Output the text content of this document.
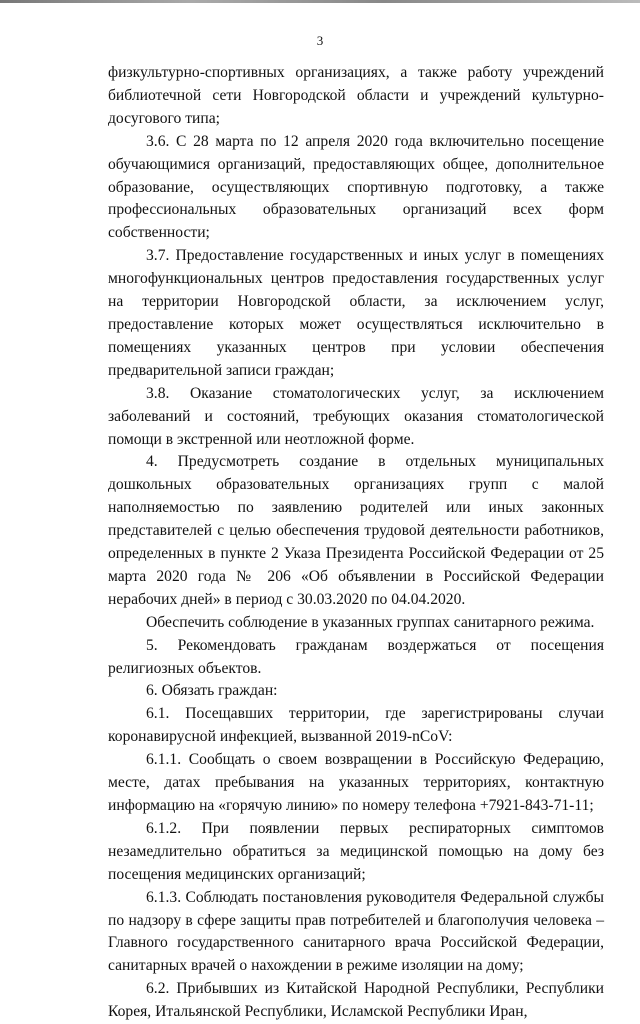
3

физкультурно-спортивных организациях, а также работу учреждений библиотечной сети Новгородской области и учреждений культурно-досугового типа;

3.6. С 28 марта по 12 апреля 2020 года включительно посещение обучающимися организаций, предоставляющих общее, дополнительное образование, осуществляющих спортивную подготовку, а также профессиональных образовательных организаций всех форм собственности;

3.7. Предоставление государственных и иных услуг в помещениях многофункциональных центров предоставления государственных услуг на территории Новгородской области, за исключением услуг, предоставление которых может осуществляться исключительно в помещениях указанных центров при условии обеспечения предварительной записи граждан;

3.8. Оказание стоматологических услуг, за исключением заболеваний и состояний, требующих оказания стоматологической помощи в экстренной или неотложной форме.

4. Предусмотреть создание в отдельных муниципальных дошкольных образовательных организациях групп с малой наполняемостью по заявлению родителей или иных законных представителей с целью обеспечения трудовой деятельности работников, определенных в пункте 2 Указа Президента Российской Федерации от 25 марта 2020 года № 206 «Об объявлении в Российской Федерации нерабочих дней» в период с 30.03.2020 по 04.04.2020.

Обеспечить соблюдение в указанных группах санитарного режима.

5. Рекомендовать гражданам воздержаться от посещения религиозных объектов.

6. Обязать граждан:

6.1. Посещавших территории, где зарегистрированы случаи коронавирусной инфекцией, вызванной 2019-nCoV:

6.1.1. Сообщать о своем возвращении в Российскую Федерацию, месте, датах пребывания на указанных территориях, контактную информацию на «горячую линию» по номеру телефона +7921-843-71-11;

6.1.2. При появлении первых респираторных симптомов незамедлительно обратиться за медицинской помощью на дому без посещения медицинских организаций;

6.1.3. Соблюдать постановления руководителя Федеральной службы по надзору в сфере защиты прав потребителей и благополучия человека – Главного государственного санитарного врача Российской Федерации, санитарных врачей о нахождении в режиме изоляции на дому;

6.2. Прибывших из Китайской Народной Республики, Республики Корея, Итальянской Республики, Исламской Республики Иран,
